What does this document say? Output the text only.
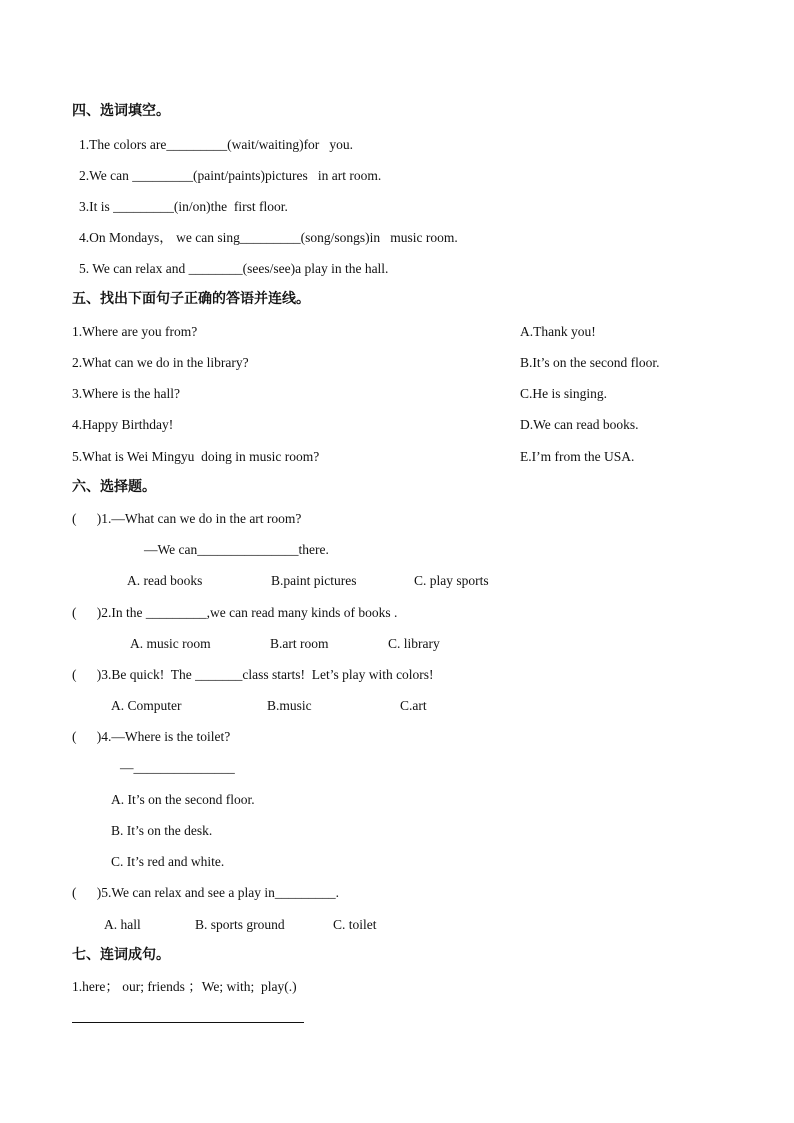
四、选词填空。
1.The colors are_________(wait/waiting)for   you.
2.We can _________(paint/paints)pictures   in art room.
3.It is _________(in/on)the  first floor.
4.On Mondays， we can sing_________(song/songs)in   music room.
5. We can relax and ________(sees/see)a play in the hall.
五、找出下面句子正确的答语并连线。
1.Where are you from?
2.What can we do in the library?
3.Where is the hall?
4.Happy Birthday!
5.What is Wei Mingyu  doing in music room?
A.Thank you!
B.It’s on the second floor.
C.He is singing.
D.We can read books.
E.I’m from the USA.
六、选择题。
(      )1.—What can we do in the art room?
—We can_______________there.
A. read books	B.paint pictures	C. play sports
(      )2.In the _________,we can read many kinds of books .
A. music room	B.art room	C. library
(      )3.Be quick!  The _______class starts!  Let’s play with colors!
A. Computer	B.music	C.art
(      )4.—Where is the toilet?
—_______________
A. It’s on the second floor.
B. It’s on the desk.
C. It’s red and white.
(      )5.We can relax and see a play in_________.
A. hall	B. sports ground	C. toilet
七、连词成句。
1.here； our; friends ；We; with;  play(.)
